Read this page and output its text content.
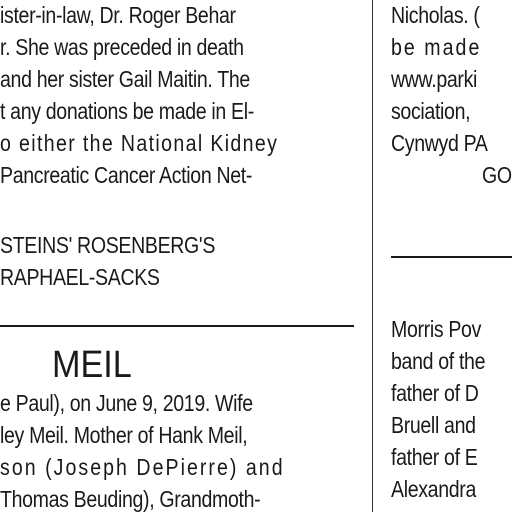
ister-in-law, Dr. Roger Behar
r. She was preceded in death
and her sister Gail Maitin. The
t any donations be made in El-
o either the National Kidney
Pancreatic Cancer Action Net-
STEINS' ROSENBERG'S
RAPHAEL-SACKS
MEIL
e Paul), on June 9, 2019. Wife
ley Meil. Mother of Hank Meil,
son (Joseph DePierre) and
Thomas Beuding), Grandmoth-
Nicholas. (
be made
www.parki
sociation,
Cynwyd PA
GO
Morris Pov
band of the
father of D
Bruell and
father of E
Alexandra
